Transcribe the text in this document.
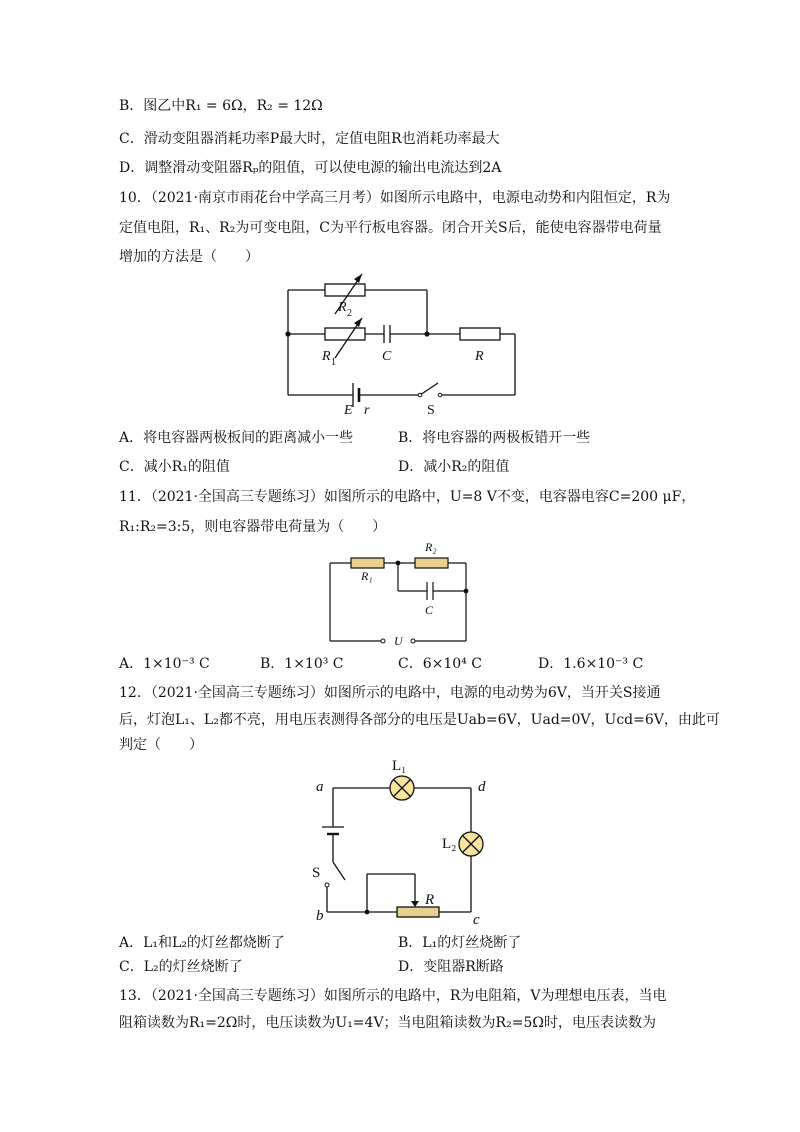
B．图乙中R₁ = 6Ω，R₂ = 12Ω
C．滑动变阻器消耗功率P最大时，定值电阻R也消耗功率最大
D．调整滑动变阻器Rₚ的阻值，可以使电源的输出电流达到2A
10．（2021·南京市雨花台中学高三月考）如图所示电路中，电源电动势和内阻恒定，R为
定值电阻，R₁、R₂为可变电阻，C为平行板电容器。闭合开关S后，能使电容器带电荷量
增加的方法是（　　）
R 2
R 1	C	R
E r	S
A．将电容器两极板间的距离减小一些	B．将电容器的两极板错开一些
C．减小R₁的阻值	D．减小R₂的阻值
11．（2021·全国高三专题练习）如图所示的电路中，U=8 V不变，电容器电容C=200 μF，
R₁:R₂=3:5，则电容器带电荷量为（　　）
R₁
R₂
C
U
A．1×10⁻³ C	B．1×10³ C	C．6×10⁴ C	D．1.6×10⁻³ C
12．（2021·全国高三专题练习）如图所示的电路中，电源的电动势为6V，当开关S接通
后，灯泡L₁、L₂都不亮，用电压表测得各部分的电压是Uab=6V，Uad=0V，Ucd=6V，由此可
判定（　　）
a	d
b	c
L₁
L₂
S
R
A．L₁和L₂的灯丝都烧断了	B．L₁的灯丝烧断了
C．L₂的灯丝烧断了	D．变阻器R断路
13．（2021·全国高三专题练习）如图所示的电路中，R为电阻箱，V为理想电压表，当电
阻箱读数为R₁=2Ω时，电压读数为U₁=4V；当电阻箱读数为R₂=5Ω时，电压表读数为
